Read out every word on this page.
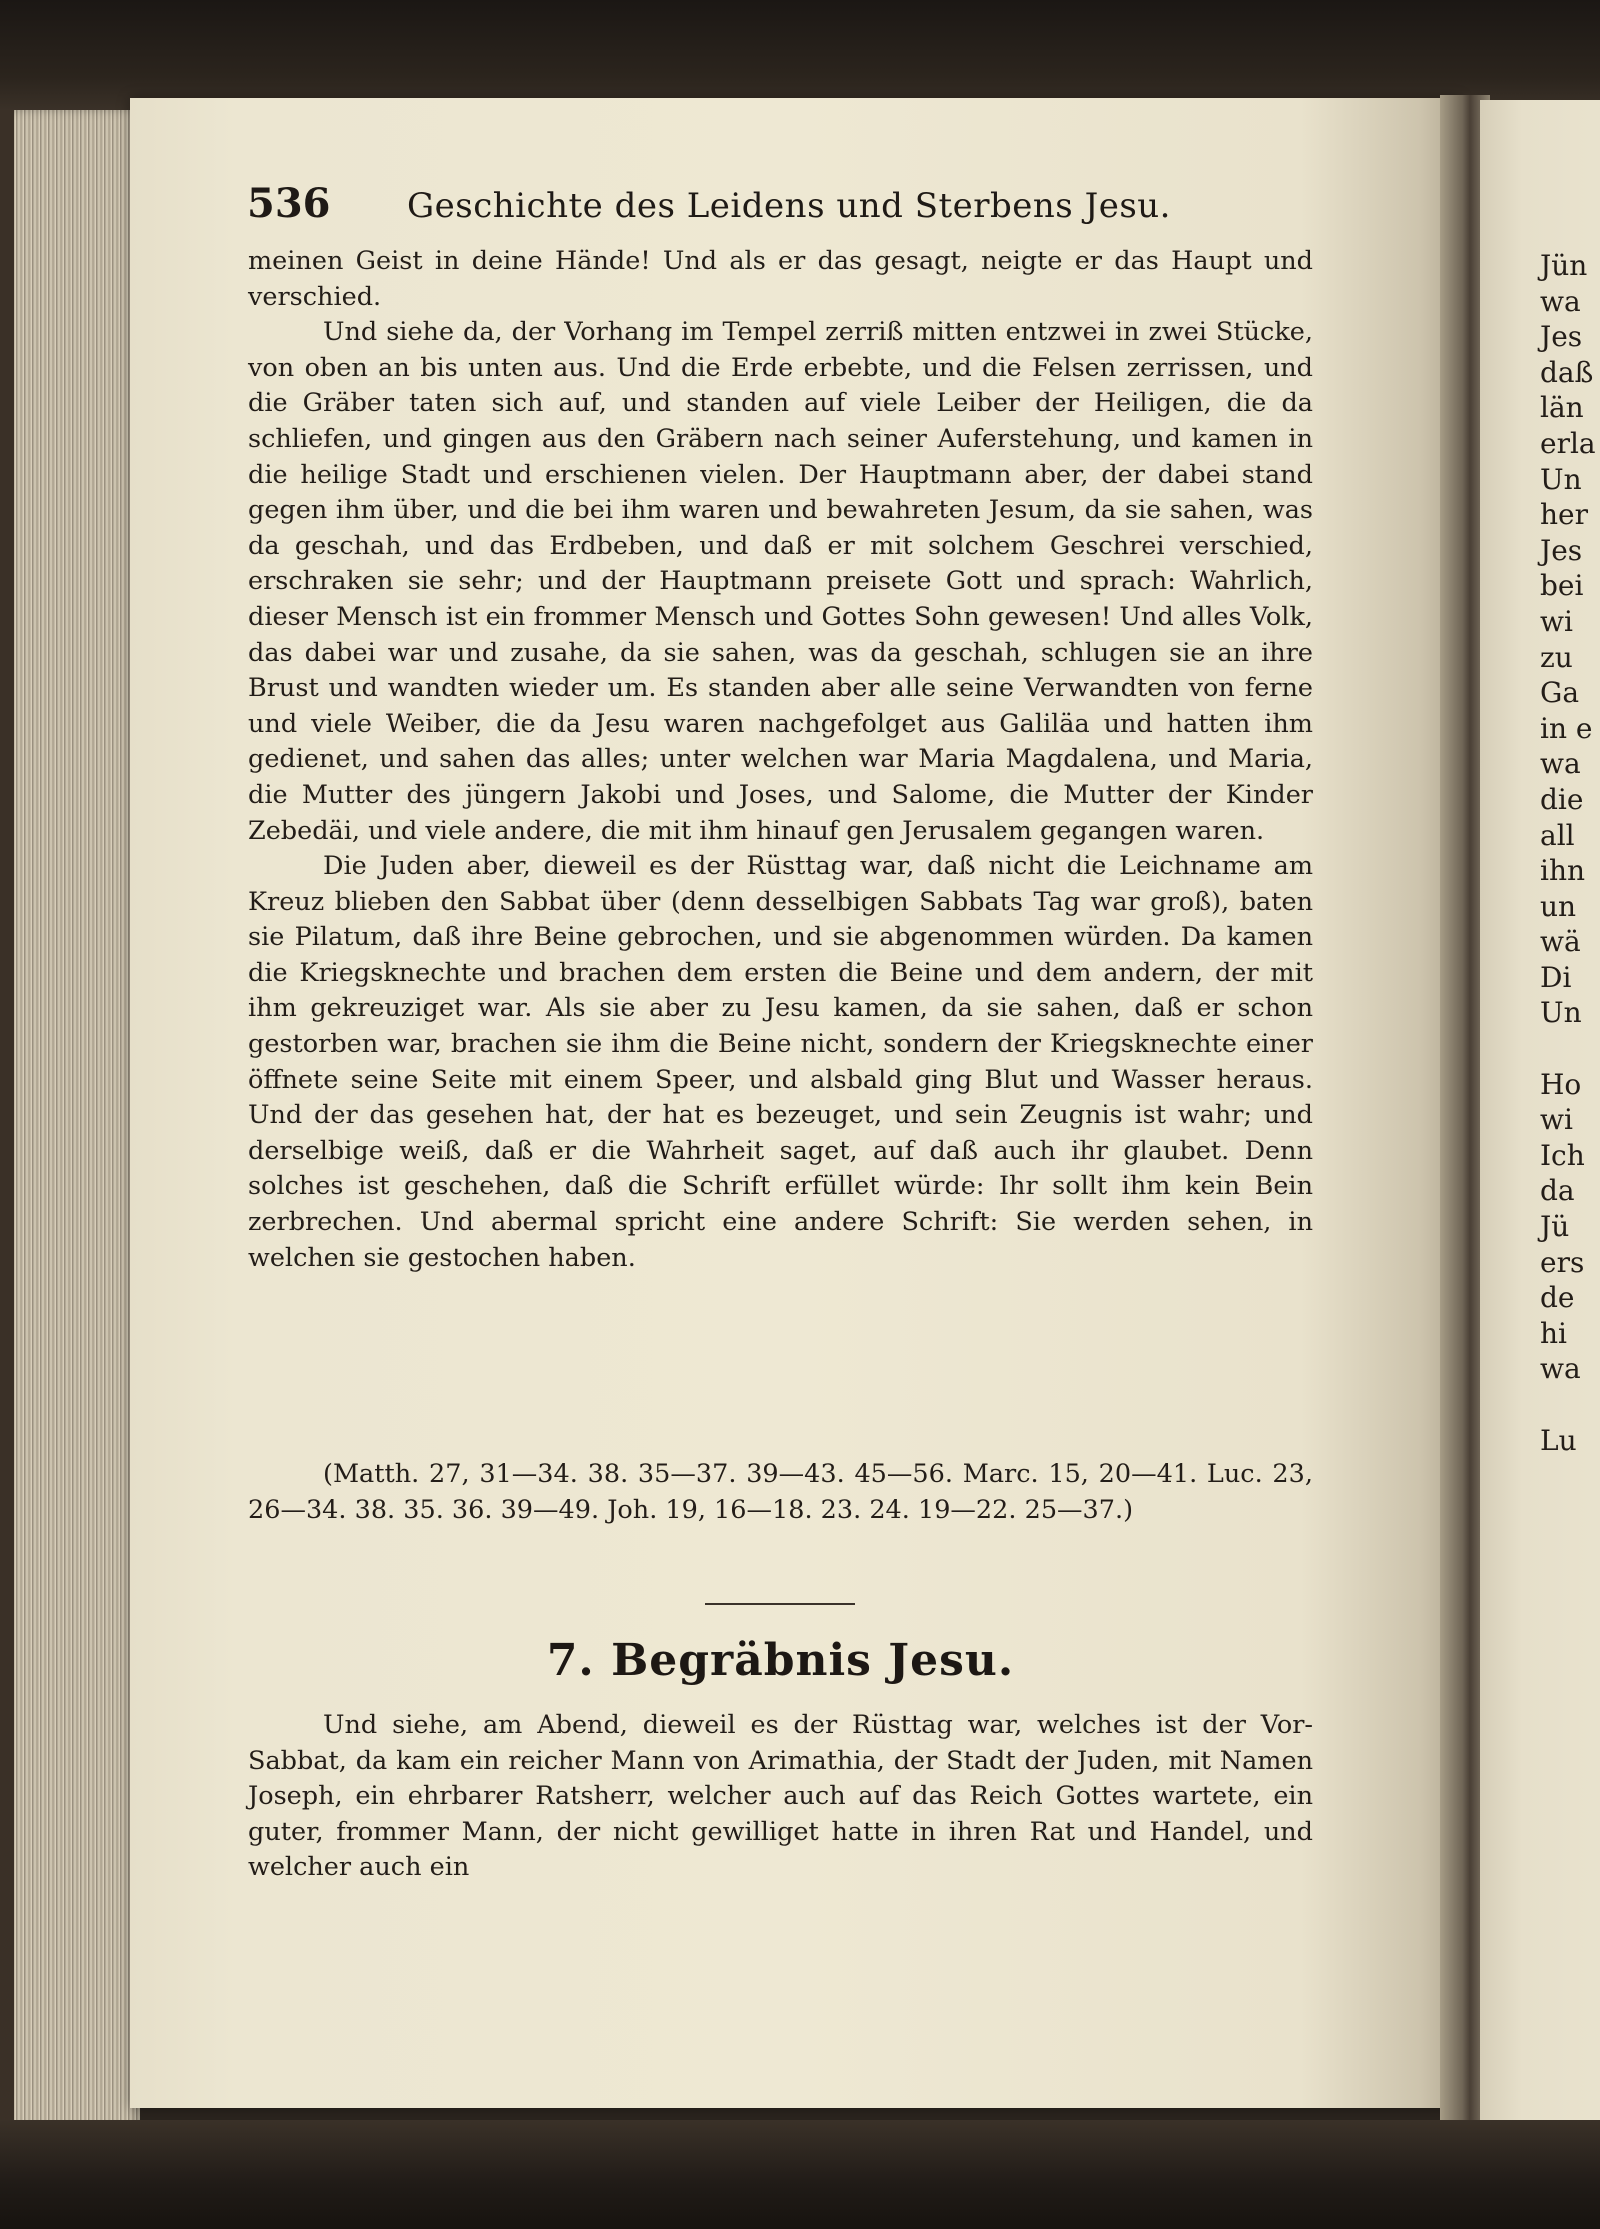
536	Geschichte des Leidens und Sterbens Jesu.

meinen Geist in deine Hände! Und als er das gesagt, neigte er das Haupt und verschied.

Und siehe da, der Vorhang im Tempel zerriß mitten entzwei in zwei Stücke, von oben an bis unten aus. Und die Erde erbebte, und die Felsen zerrissen, und die Gräber taten sich auf, und standen auf viele Leiber der Heiligen, die da schliefen, und gingen aus den Gräbern nach seiner Auferstehung, und kamen in die heilige Stadt und erschienen vielen. Der Hauptmann aber, der dabei stand gegen ihm über, und die bei ihm waren und bewahreten Jesum, da sie sahen, was da geschah, und das Erdbeben, und daß er mit solchem Geschrei verschied, erschraken sie sehr; und der Hauptmann preisete Gott und sprach: Wahrlich, dieser Mensch ist ein frommer Mensch und Gottes Sohn gewesen! Und alles Volk, das dabei war und zusahe, da sie sahen, was da geschah, schlugen sie an ihre Brust und wandten wieder um. Es standen aber alle seine Verwandten von ferne und viele Weiber, die da Jesu waren nachgefolget aus Galiläa und hatten ihm gedienet, und sahen das alles; unter welchen war Maria Magdalena, und Maria, die Mutter des jüngern Jakobi und Joses, und Salome, die Mutter der Kinder Zebedäi, und viele andere, die mit ihm hinauf gen Jerusalem gegangen waren.

Die Juden aber, dieweil es der Rüsttag war, daß nicht die Leichname am Kreuz blieben den Sabbat über (denn desselbigen Sabbats Tag war groß), baten sie Pilatum, daß ihre Beine gebrochen, und sie abgenommen würden. Da kamen die Kriegsknechte und brachen dem ersten die Beine und dem andern, der mit ihm gekreuziget war. Als sie aber zu Jesu kamen, da sie sahen, daß er schon gestorben war, brachen sie ihm die Beine nicht, sondern der Kriegsknechte einer öffnete seine Seite mit einem Speer, und alsbald ging Blut und Wasser heraus. Und der das gesehen hat, der hat es bezeuget, und sein Zeugnis ist wahr; und derselbige weiß, daß er die Wahrheit saget, auf daß auch ihr glaubet. Denn solches ist geschehen, daß die Schrift erfüllet würde: Ihr sollt ihm kein Bein zerbrechen. Und abermal spricht eine andere Schrift: Sie werden sehen, in welchen sie gestochen haben.

(Matth. 27, 31—34. 38. 35—37. 39—43. 45—56. Marc. 15, 20—41. Luc. 23, 26—34. 38. 35. 36. 39—49. Joh. 19, 16—18. 23. 24. 19—22. 25—37.)
7. Begräbnis Jesu.

Und siehe, am Abend, dieweil es der Rüsttag war, welches ist der Vor-Sabbat, da kam ein reicher Mann von Arimathia, der Stadt der Juden, mit Namen Joseph, ein ehrbarer Ratsherr, welcher auch auf das Reich Gottes wartete, ein guter, frommer Mann, der nicht gewilliget hatte in ihren Rat und Handel, und welcher auch ein

Jün
wa
Jes
daß
län
erla
Un
her
Jes
bei
wi
zu
Ga
in e
wa
die
all
ihn
un
wä
Di
Un
Ho
wi
Ich
da
Jü
ers
de
hi
wa
Lu
